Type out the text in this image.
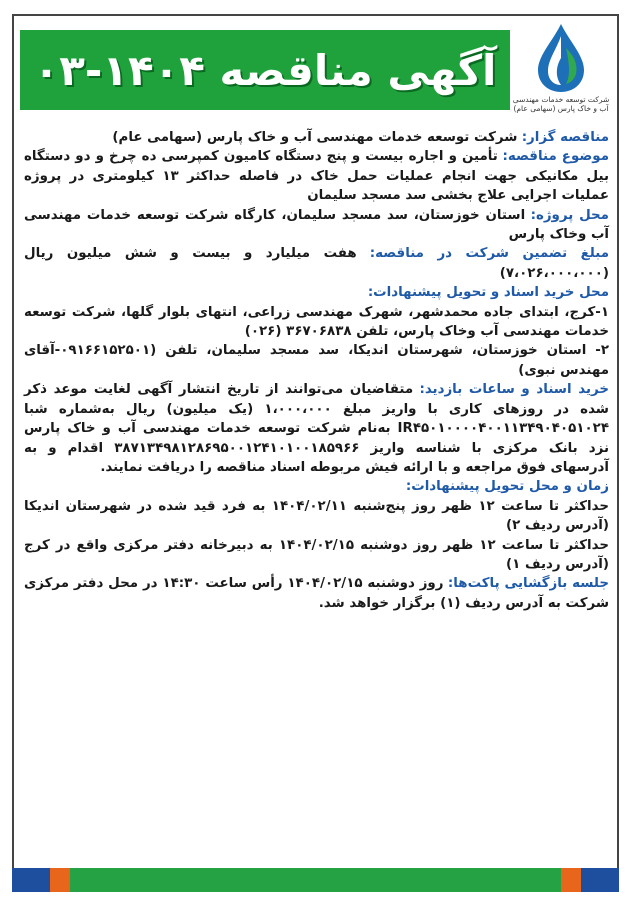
شرکت توسعه خدمات مهندسی آب و خاک پارس (سهامی عام)
آگهی مناقصه ۱۴۰۴-۰۳

مناقصه گزار: شرکت توسعه خدمات مهندسی آب و خاک پارس (سهامی عام)

موضوع مناقصه: تأمین و اجاره بیست و پنج دستگاه کامیون کمپرسی ده چرخ و دو دستگاه بیل مکانیکی جهت انجام عملیات حمل خاک در فاصله حداکثر ۱۳ کیلومتری در پروژه عملیات اجرایی علاج بخشی سد مسجد سلیمان

محل پروژه: استان خوزستان، سد مسجد سلیمان، کارگاه شرکت توسعه خدمات مهندسی آب وخاک پارس

مبلغ تضمین شرکت در مناقصه: هفت میلیارد و بیست و شش میلیون ریال (۷،۰۲۶،۰۰۰،۰۰۰)

محل خرید اسناد و تحویل پیشنهادات:

۱-کرج، ابتدای جاده محمدشهر، شهرک مهندسی زراعی، انتهای بلوار گلها، شرکت توسعه خدمات مهندسی آب وخاک پارس، تلفن ۳۶۷۰۶۸۳۸ (۰۲۶)

۲- استان خوزستان، شهرستان اندیکا، سد مسجد سلیمان، تلفن (۰۹۱۶۶۱۵۲۵۰۱-آقای مهندس نبوی)

خرید اسناد و ساعات بازدید: متقاضیان می‌توانند از تاریخ انتشار آگهی لغایت موعد ذکر شده در روزهای کاری با واریز مبلغ ۱،۰۰۰،۰۰۰ (یک میلیون) ریال به‌شماره شبا IR۴۵۰۱۰۰۰۰۴۰۰۱۱۳۴۹۰۴۰۵۱۰۲۴ به‌نام شرکت توسعه خدمات مهندسی آب و خاک پارس نزد بانک مرکزی با شناسه واریز ۳۸۷۱۳۴۹۸۱۲۸۶۹۵۰۰۱۲۴۱۰۱۰۰۱۸۵۹۶۶ اقدام و به آدرسهای فوق مراجعه و با ارائه فیش مربوطه اسناد مناقصه را دریافت نمایند.

زمان و محل تحویل پیشنهادات:

حداکثر تا ساعت ۱۲ ظهر روز پنج‌شنبه ۱۴۰۴/۰۲/۱۱ به فرد قید شده در شهرستان اندیکا (آدرس ردیف ۲)

حداکثر تا ساعت ۱۲ ظهر روز دوشنبه ۱۴۰۴/۰۲/۱۵ به دبیرخانه دفتر مرکزی واقع در کرج (آدرس ردیف ۱)

جلسه بازگشایی پاکت‌ها: روز دوشنبه ۱۴۰۴/۰۲/۱۵ رأس ساعت ۱۴:۳۰ در محل دفتر مرکزی شرکت به آدرس ردیف (۱) برگزار خواهد شد.
